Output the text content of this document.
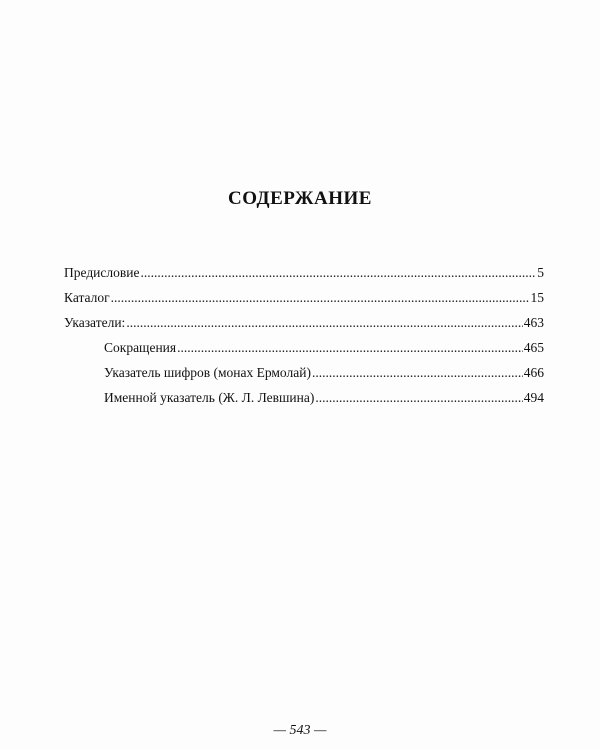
СОДЕРЖАНИЕ
Предисловие .....	5
Каталог .....	15
Указатели: .....	463
Сокращения .....	465
Указатель шифров (монах Ермолай) .....	466
Именной указатель (Ж. Л. Левшина) .....	494
— 543 —
